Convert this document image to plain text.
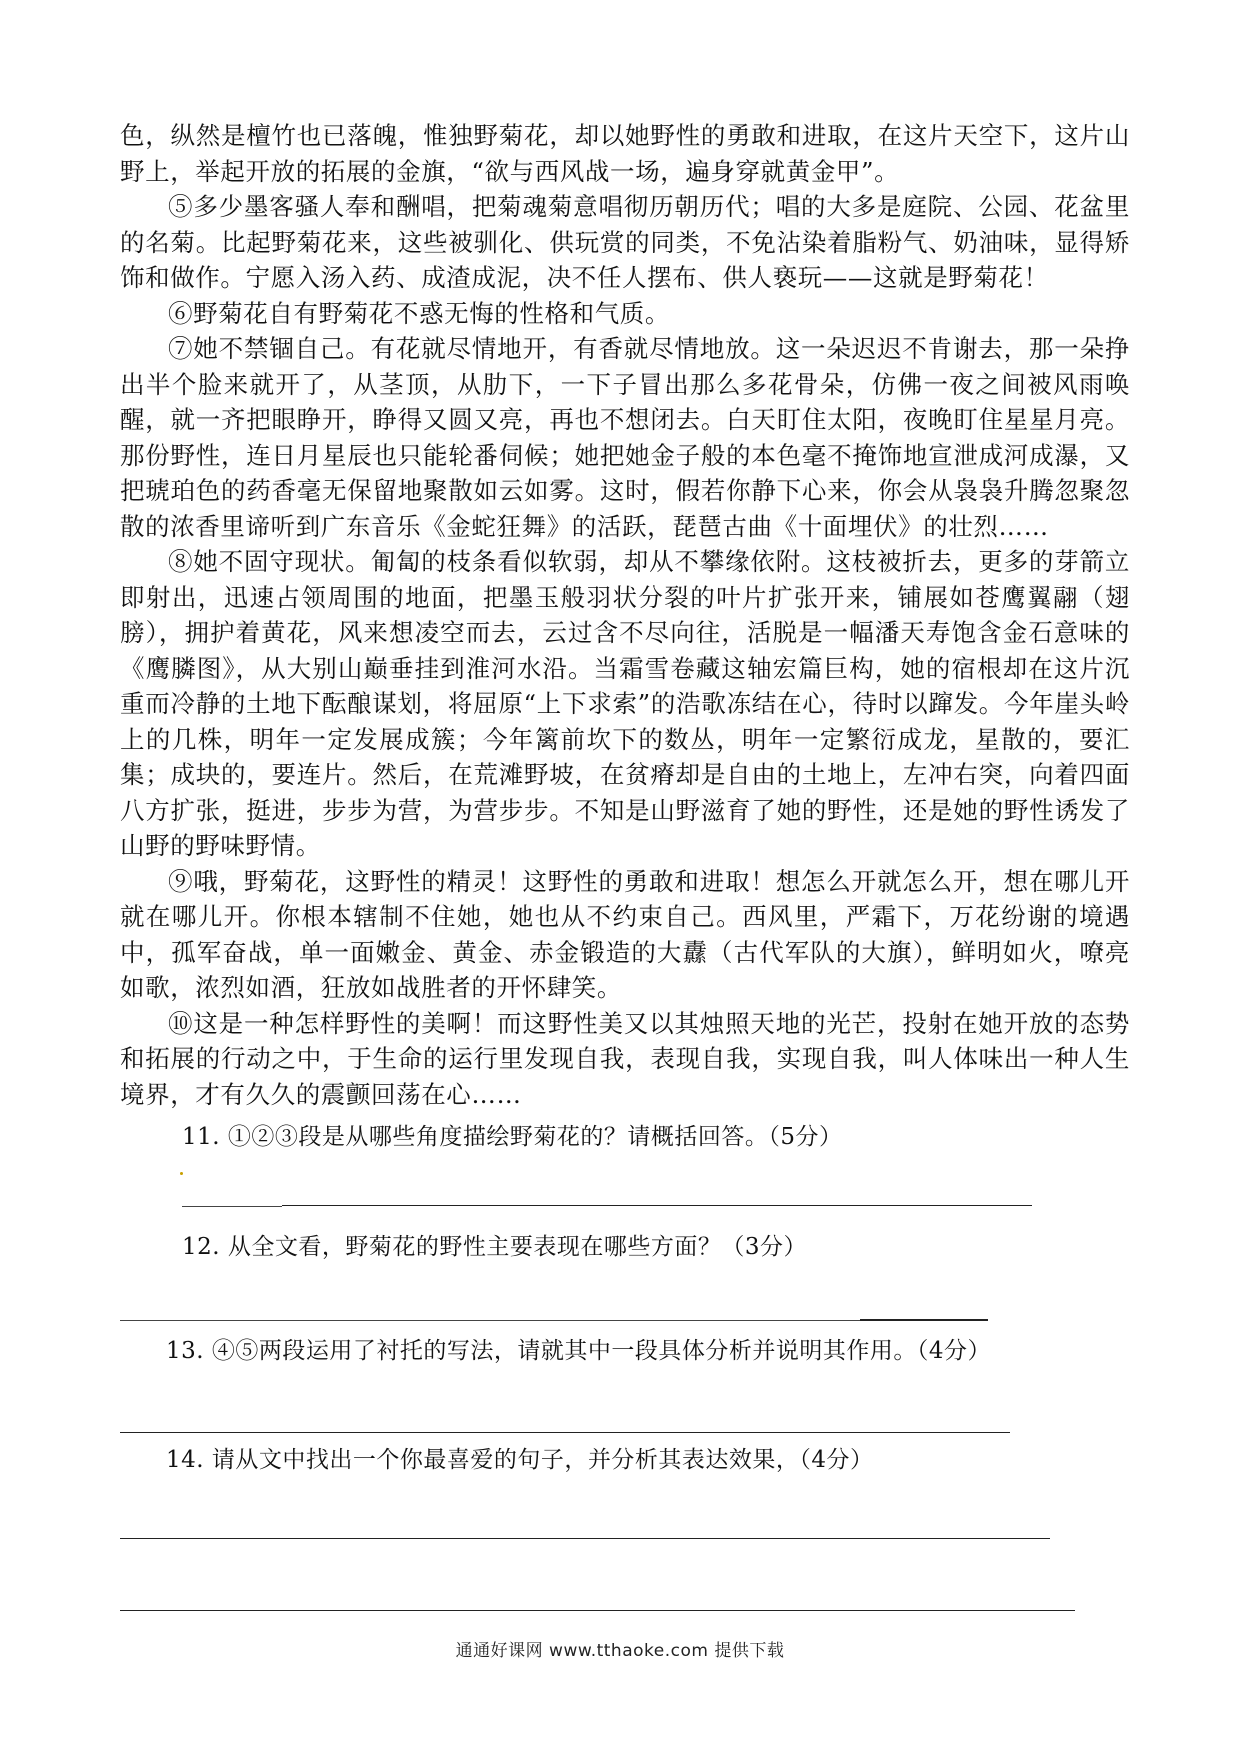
色，纵然是檀竹也已落魄，惟独野菊花，却以她野性的勇敢和进取，在这片天空下，这片山野上，举起开放的拓展的金旗，“欲与西风战一场，遍身穿就黄金甲”。

⑤多少墨客骚人奉和酬唱，把菊魂菊意唱彻历朝历代；唱的大多是庭院、公园、花盆里的名菊。比起野菊花来，这些被驯化、供玩赏的同类，不免沾染着脂粉气、奶油味，显得矫饰和做作。宁愿入汤入药、成渣成泥，决不任人摆布、供人亵玩——这就是野菊花！

⑥野菊花自有野菊花不惑无悔的性格和气质。

⑦她不禁锢自己。有花就尽情地开，有香就尽情地放。这一朵迟迟不肯谢去，那一朵挣出半个脸来就开了，从茎顶，从肋下，一下子冒出那么多花骨朵，仿佛一夜之间被风雨唤醒，就一齐把眼睁开，睁得又圆又亮，再也不想闭去。白天盯住太阳，夜晚盯住星星月亮。那份野性，连日月星辰也只能轮番伺候；她把她金子般的本色毫不掩饰地宣泄成河成瀑，又把琥珀色的药香毫无保留地聚散如云如雾。这时，假若你静下心来，你会从袅袅升腾忽聚忽散的浓香里谛听到广东音乐《金蛇狂舞》的活跃，琵琶古曲《十面埋伏》的壮烈……

⑧她不固守现状。匍匐的枝条看似软弱，却从不攀缘依附。这枝被折去，更多的芽箭立即射出，迅速占领周围的地面，把墨玉般羽状分裂的叶片扩张开来，铺展如苍鹰翼翮（翅膀），拥护着黄花，风来想凌空而去，云过含不尽向往，活脱是一幅潘天寿饱含金石意味的《鹰膦图》，从大别山巅垂挂到淮河水沿。当霜雪卷藏这轴宏篇巨构，她的宿根却在这片沉重而冷静的土地下酝酿谋划，将屈原“上下求索”的浩歌冻结在心，待时以蹿发。今年崖头岭上的几株，明年一定发展成簇；今年篱前坎下的数丛，明年一定繁衍成龙，星散的，要汇集；成块的，要连片。然后，在荒滩野坡，在贫瘠却是自由的土地上，左冲右突，向着四面八方扩张，挺进，步步为营，为营步步。不知是山野滋育了她的野性，还是她的野性诱发了山野的野味野情。

⑨哦，野菊花，这野性的精灵！这野性的勇敢和进取！想怎么开就怎么开，想在哪儿开就在哪儿开。你根本辖制不住她，她也从不约束自己。西风里，严霜下，万花纷谢的境遇中，孤军奋战，单一面嫩金、黄金、赤金锻造的大纛（古代军队的大旗），鲜明如火，嘹亮如歌，浓烈如酒，狂放如战胜者的开怀肆笑。

⑩这是一种怎样野性的美啊！而这野性美又以其烛照天地的光芒，投射在她开放的态势和拓展的行动之中，于生命的运行里发现自我，表现自我，实现自我，叫人体味出一种人生境界，才有久久的震颤回荡在心……

11. ①②③段是从哪些角度描绘野菊花的？请概括回答。（5分）
12. 从全文看，野菊花的野性主要表现在哪些方面？（3分）
13. ④⑤两段运用了衬托的写法，请就其中一段具体分析并说明其作用。（4分）
14. 请从文中找出一个你最喜爱的句子，并分析其表达效果，（4分）
通通好课网 www.tthaoke.com 提供下载
